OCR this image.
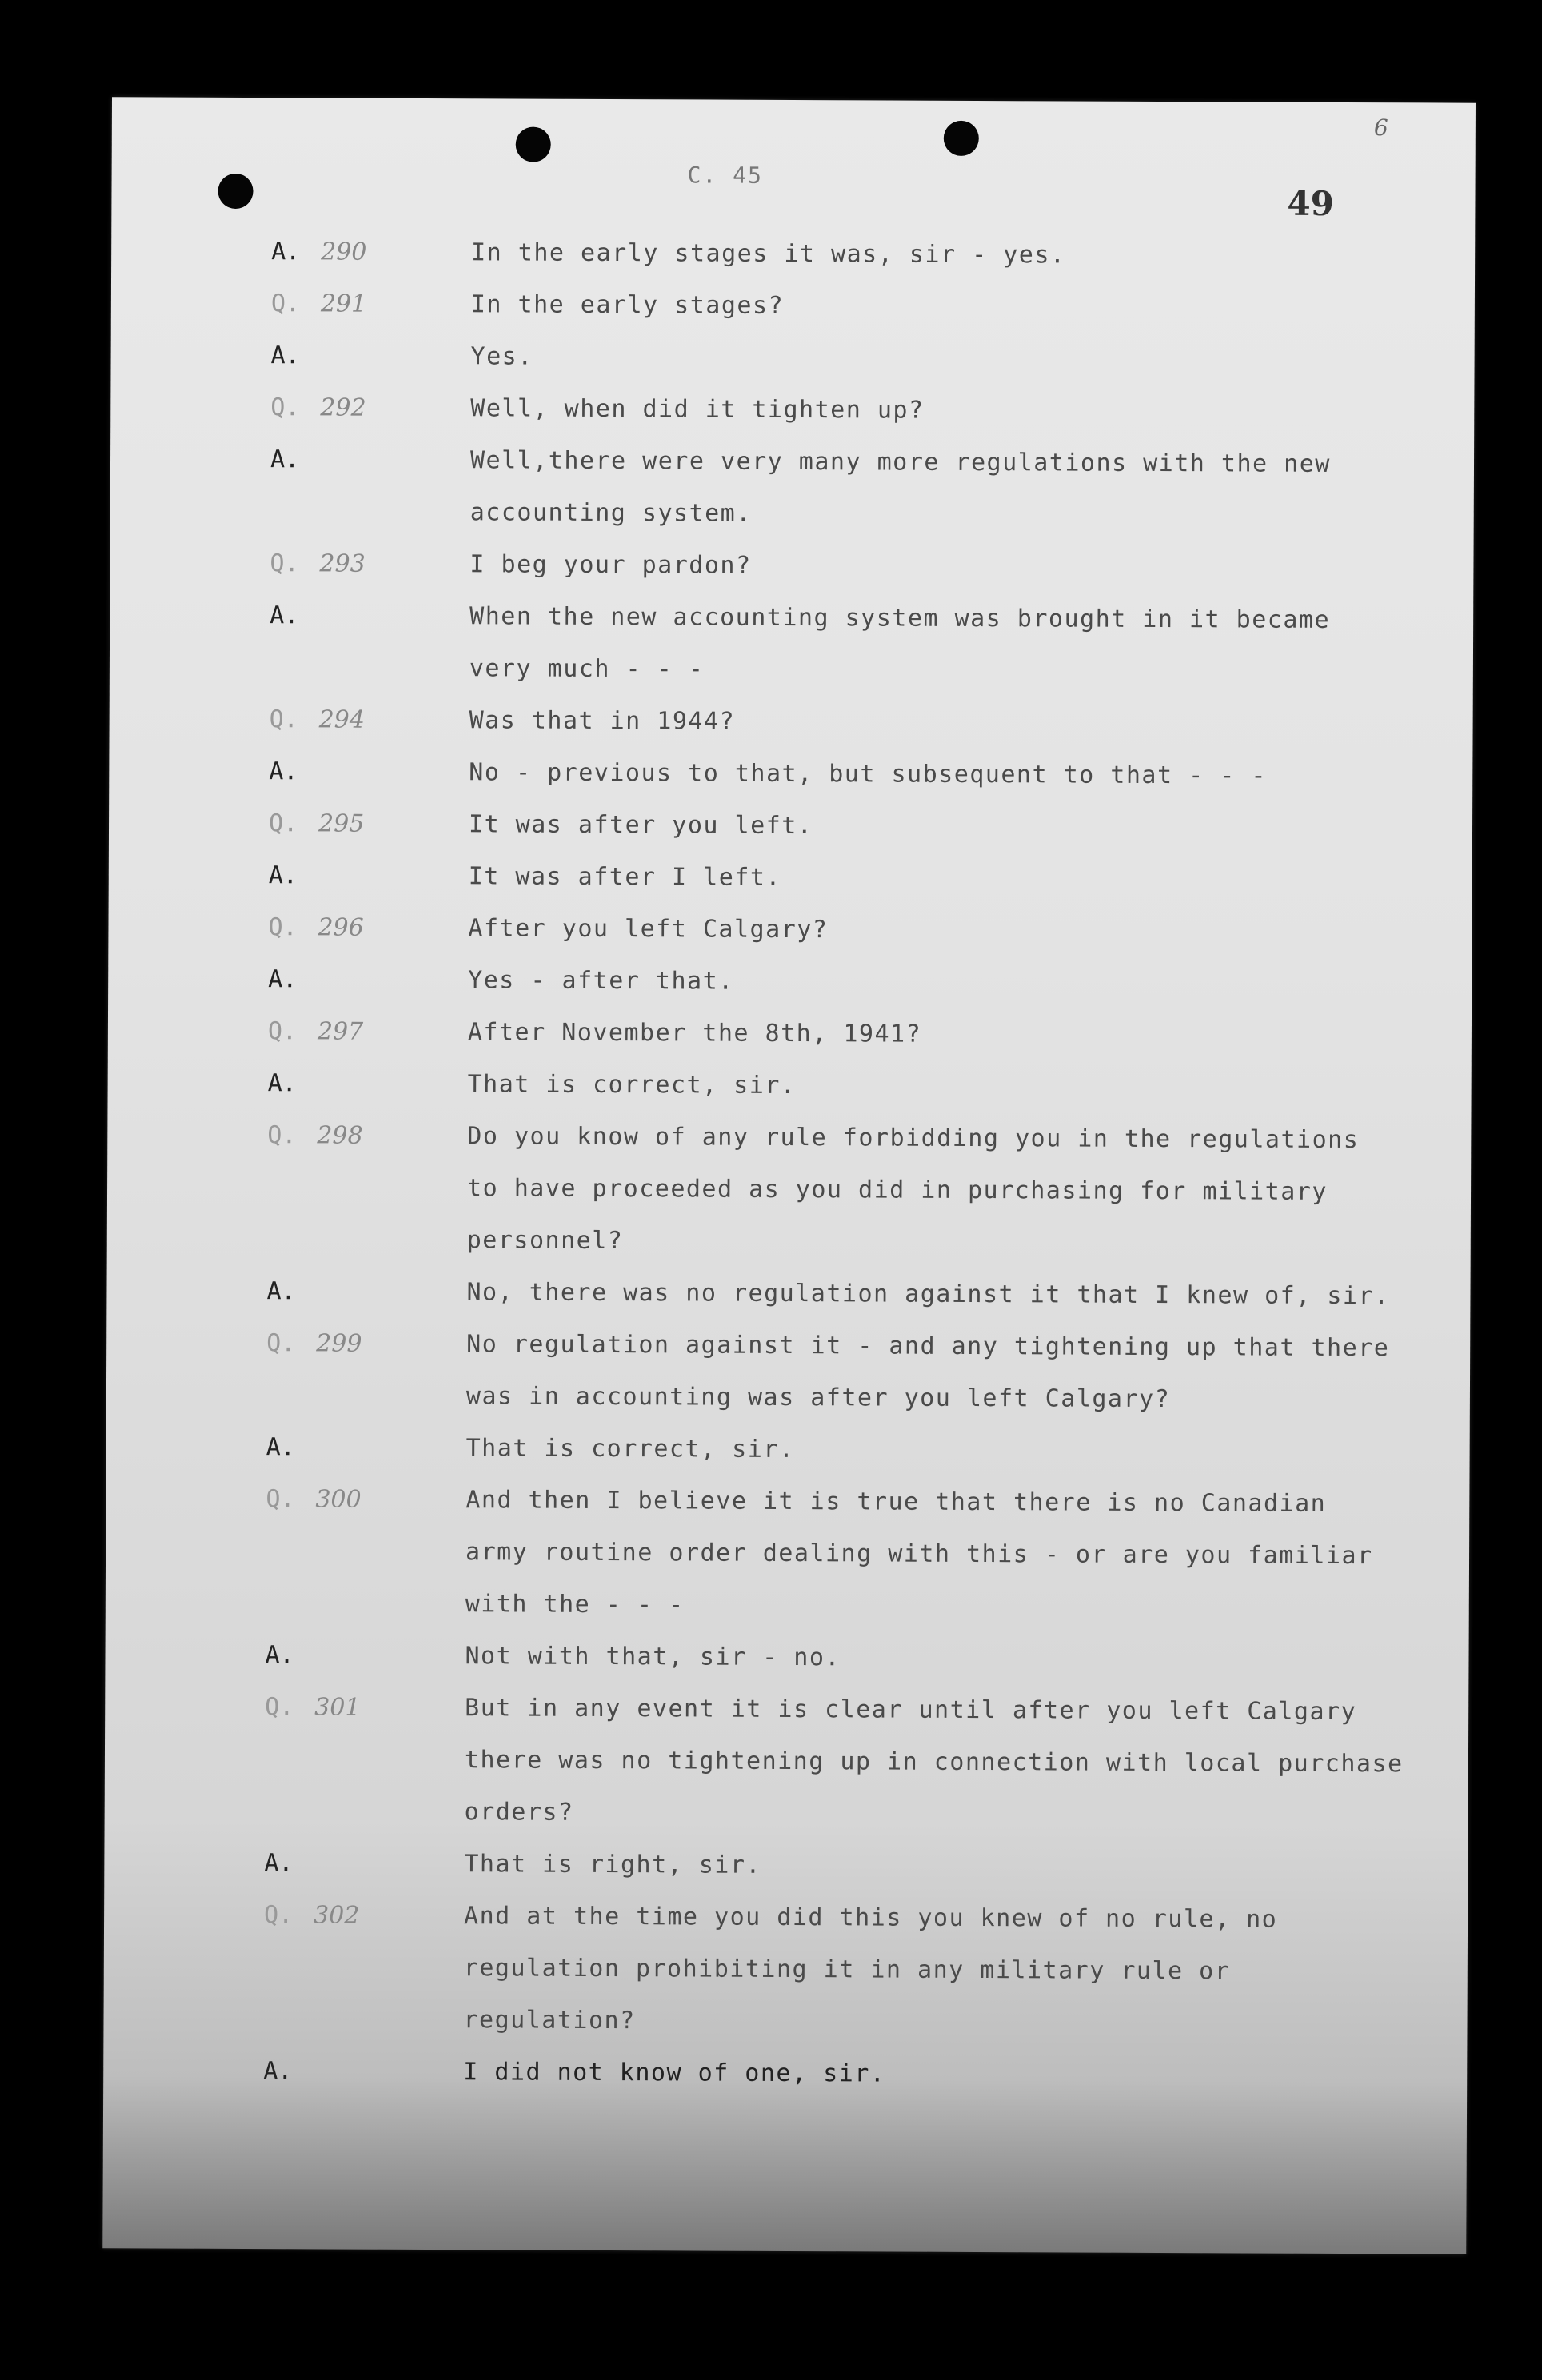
C. 45
49
6
A. 290	In the early stages it was, sir - yes.
Q. 291	In the early stages?
A.	Yes.
Q. 292	Well, when did it tighten up?
A.	Well,there were very many more regulations with the new
accounting system.
Q. 293	I beg your pardon?
A.	When the new accounting system was brought in it became
very much - - -
Q. 294	Was that in 1944?
A.	No - previous to that, but subsequent to that - - -
Q. 295	It was after you left.
A.	It was after I left.
Q. 296	After you left Calgary?
A.	Yes - after that.
Q. 297	After November the 8th, 1941?
A.	That is correct, sir.
Q. 298	Do you know of any rule forbidding you in the regulations
to have proceeded as you did in purchasing for military
personnel?
A.	No, there was no regulation against it that I knew of, sir.
Q. 299	No regulation against it - and any tightening up that there
was in accounting was after you left Calgary?
A.	That is correct, sir.
Q. 300	And then I believe it is true that there is no Canadian
army routine order dealing with this - or are you familiar
with the - - -
A.	Not with that, sir - no.
Q. 301	But in any event it is clear until after you left Calgary
there was no tightening up in connection with local purchase
orders?
A.	That is right, sir.
Q. 302	And at the time you did this you knew of no rule, no
regulation prohibiting it in any military rule or
regulation?
A.	I did not know of one, sir.
